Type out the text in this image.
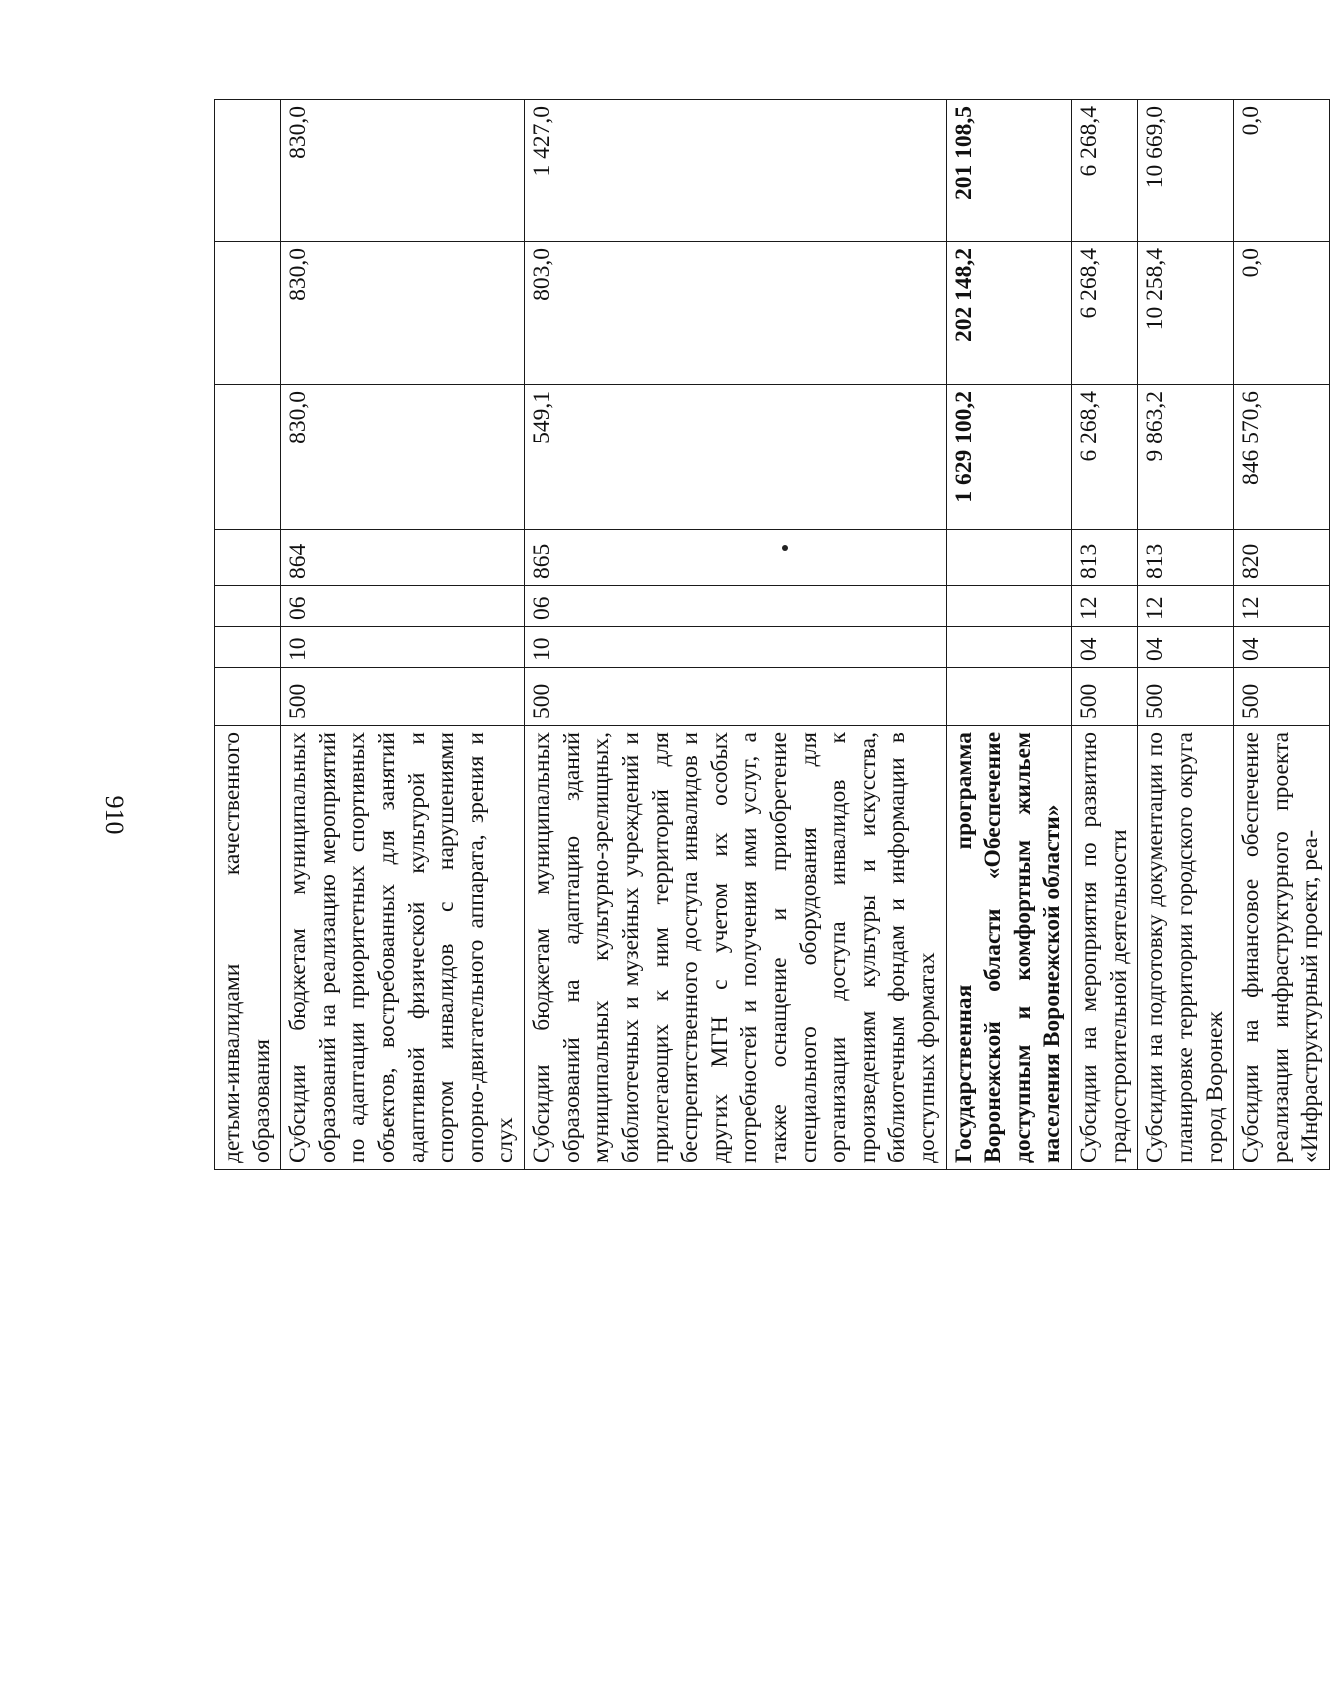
910	детьми-инвалидами качественного образования							
Субсидии бюджетам муниципальных образований на реализацию мероприятий по адаптации приоритетных спортивных объектов, востребованных для занятий адаптивной физической культурой и спортом инвалидов с нарушениями опорно-двигательного аппарата, зрения и слух	500	10	06	864	830,0	830,0	830,0
Субсидии бюджетам муниципальных образований на адаптацию зданий муниципальных культурно-зрелищных, библиотечных и музейных учреждений и прилегающих к ним территорий для беспрепятственного доступа инвалидов и других МГН с учетом их особых потребностей и получения ими услуг, а также оснащение и приобретение специального оборудования для организации доступа инвалидов к произведениям культуры и искусства, библиотечным фондам и информации в доступных форматах	500	10	06	865	549,1	803,0	1 427,0
Государственная программа Воронежской области «Обеспечение доступным и комфортным жильем населения Воронежской области»					1 629 100,2	202 148,2	201 108,5
Субсидии на мероприятия по развитию градостроительной деятельности	500	04	12	813	6 268,4	6 268,4	6 268,4
Субсидии на подготовку документации по планировке территории городского округа город Воронеж	500	04	12	813	9 863,2	10 258,4	10 669,0
Субсидии на финансовое обеспечение реализации инфраструктурного проекта «Инфраструктурный проект, реа-	500	04	12	820	846 570,6	0,0	0,0
